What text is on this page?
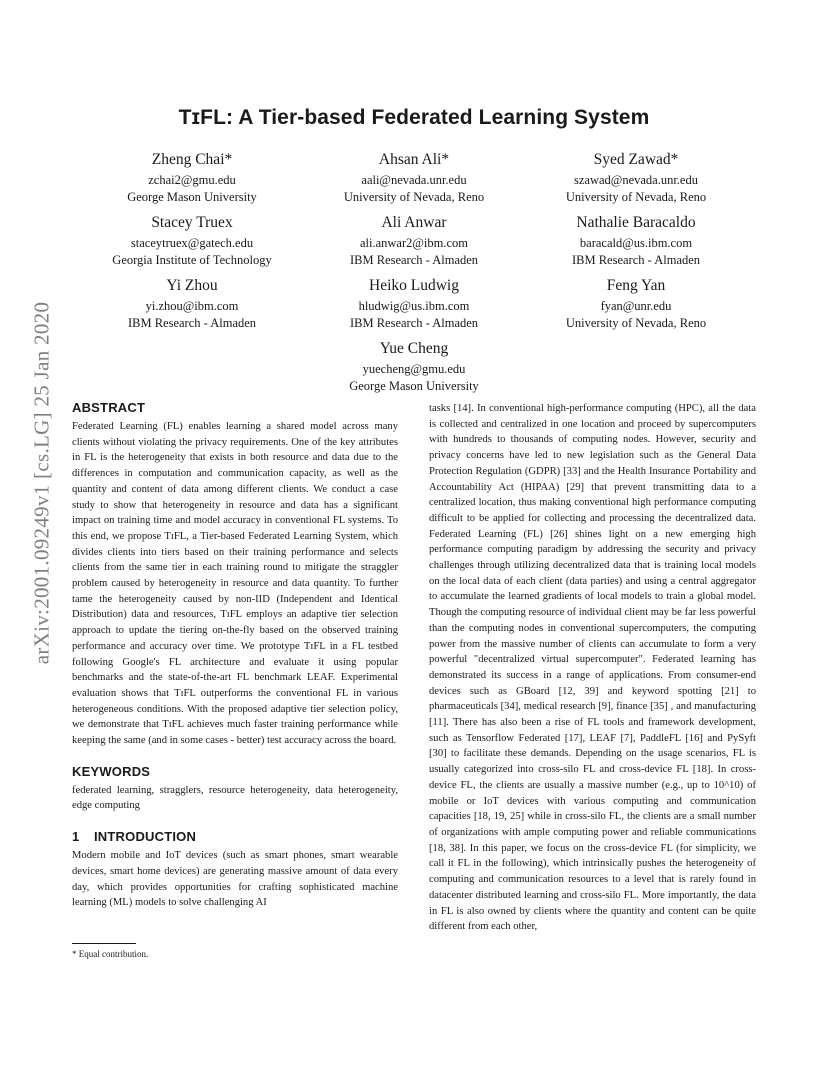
TɪFL: A Tier-based Federated Learning System
arXiv:2001.09249v1 [cs.LG] 25 Jan 2020
Zheng Chai*
zchai2@gmu.edu
George Mason University
Ahsan Ali*
aali@nevada.unr.edu
University of Nevada, Reno
Syed Zawad*
szawad@nevada.unr.edu
University of Nevada, Reno
Stacey Truex
staceytruex@gatech.edu
Georgia Institute of Technology
Ali Anwar
ali.anwar2@ibm.com
IBM Research - Almaden
Nathalie Baracaldo
baracald@us.ibm.com
IBM Research - Almaden
Yi Zhou
yi.zhou@ibm.com
IBM Research - Almaden
Heiko Ludwig
hludwig@us.ibm.com
IBM Research - Almaden
Feng Yan
fyan@unr.edu
University of Nevada, Reno
Yue Cheng
yuecheng@gmu.edu
George Mason University
ABSTRACT

Federated Learning (FL) enables learning a shared model across many clients without violating the privacy requirements. One of the key attributes in FL is the heterogeneity that exists in both resource and data due to the differences in computation and communication capacity, as well as the quantity and content of data among different clients. We conduct a case study to show that heterogeneity in resource and data has a significant impact on training time and model accuracy in conventional FL systems. To this end, we propose TɪFL, a Tier-based Federated Learning System, which divides clients into tiers based on their training performance and selects clients from the same tier in each training round to mitigate the straggler problem caused by heterogeneity in resource and data quantity. To further tame the heterogeneity caused by non-IID (Independent and Identical Distribution) data and resources, TɪFL employs an adaptive tier selection approach to update the tiering on-the-fly based on the observed training performance and accuracy over time. We prototype TɪFL in a FL testbed following Google's FL architecture and evaluate it using popular benchmarks and the state-of-the-art FL benchmark LEAF. Experimental evaluation shows that TɪFL outperforms the conventional FL in various heterogeneous conditions. With the proposed adaptive tier selection policy, we demonstrate that TɪFL achieves much faster training performance while keeping the same (and in some cases - better) test accuracy across the board.

KEYWORDS

federated learning, stragglers, resource heterogeneity, data heterogeneity, edge computing

1 INTRODUCTION

Modern mobile and IoT devices (such as smart phones, smart wearable devices, smart home devices) are generating massive amount of data every day, which provides opportunities for crafting sophisticated machine learning (ML) models to solve challenging AI

* Equal contribution.

tasks [14]. In conventional high-performance computing (HPC), all the data is collected and centralized in one location and proceed by supercomputers with hundreds to thousands of computing nodes. However, security and privacy concerns have led to new legislation such as the General Data Protection Regulation (GDPR) [33] and the Health Insurance Portability and Accountability Act (HIPAA) [29] that prevent transmitting data to a centralized location, thus making conventional high performance computing difficult to be applied for collecting and processing the decentralized data. Federated Learning (FL) [26] shines light on a new emerging high performance computing paradigm by addressing the security and privacy challenges through utilizing decentralized data that is training local models on the local data of each client (data parties) and using a central aggregator to accumulate the learned gradients of local models to train a global model. Though the computing resource of individual client may be far less powerful than the computing nodes in conventional supercomputers, the computing power from the massive number of clients can accumulate to form a very powerful "decentralized virtual supercomputer". Federated learning has demonstrated its success in a range of applications. From consumer-end devices such as GBoard [12, 39] and keyword spotting [21] to pharmaceuticals [34], medical research [9], finance [35] , and manufacturing [11]. There has also been a rise of FL tools and framework development, such as Tensorflow Federated [17], LEAF [7], PaddleFL [16] and PySyft [30] to facilitate these demands. Depending on the usage scenarios, FL is usually categorized into cross-silo FL and cross-device FL [18]. In cross-device FL, the clients are usually a massive number (e.g., up to 10^10) of mobile or IoT devices with various computing and communication capacities [18, 19, 25] while in cross-silo FL, the clients are a small number of organizations with ample computing power and reliable communications [18, 38]. In this paper, we focus on the cross-device FL (for simplicity, we call it FL in the following), which intrinsically pushes the heterogeneity of computing and communication resources to a level that is rarely found in datacenter distributed learning and cross-silo FL. More importantly, the data in FL is also owned by clients where the quantity and content can be quite different from each other,
